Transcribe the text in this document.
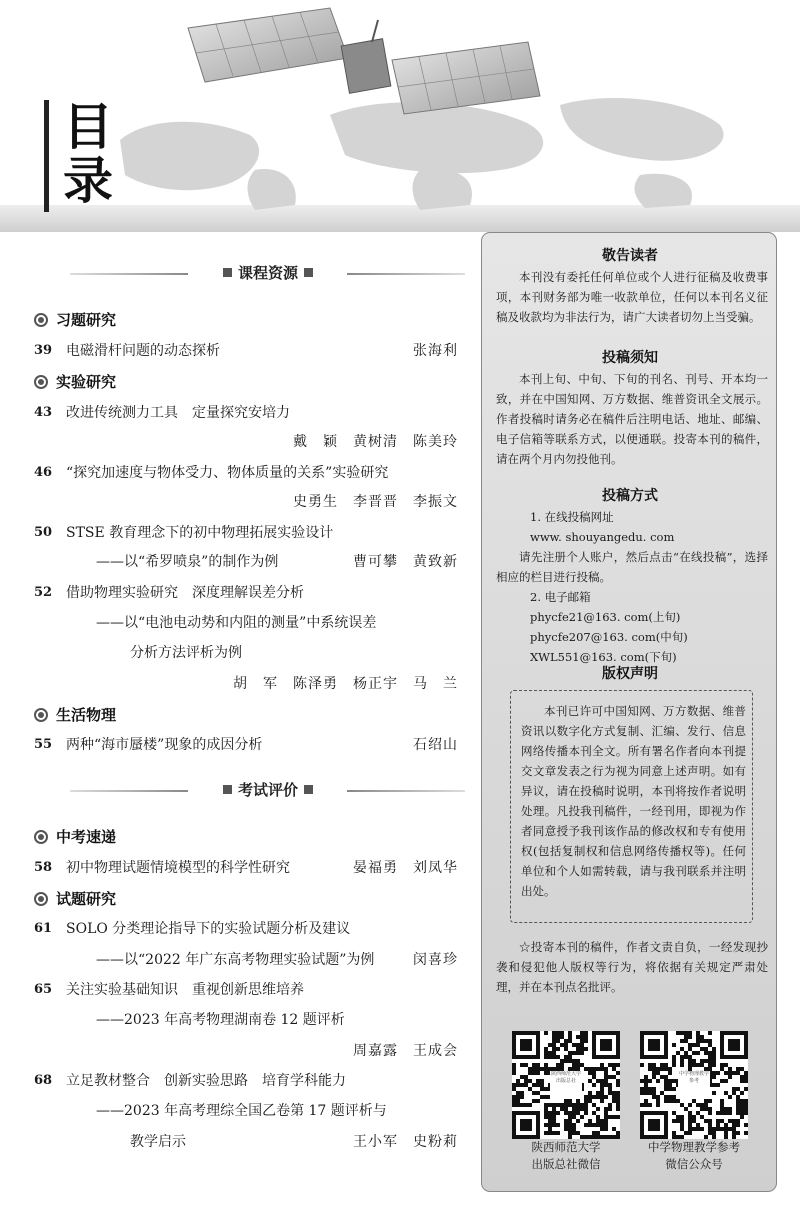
目
录
课程资源
习题研究
39 电磁滑杆问题的动态探析	张海利
实验研究
43 改进传统测力工具　定量探究安培力
戴　颖　黄树清　陈美玲
46 “探究加速度与物体受力、物体质量的关系”实验研究
史勇生　李晋晋　李振文
50 STSE 教育理念下的初中物理拓展实验设计
——以“希罗喷泉”的制作为例	曹可攀　黄致新
52 借助物理实验研究　深度理解误差分析
——以“电池电动势和内阻的测量”中系统误差
分析方法评析为例
胡　军　陈泽勇　杨正宇　马　兰
生活物理
55 两种“海市蜃楼”现象的成因分析	石绍山
考试评价
中考速递
58 初中物理试题情境模型的科学性研究	晏福勇　刘凤华
试题研究
61 SOLO 分类理论指导下的实验试题分析及建议
——以“2022 年广东高考物理实验试题”为例	闵喜珍
65 关注实验基础知识　重视创新思维培养
——2023 年高考物理湖南卷 12 题评析
周嘉露　王成会
68 立足教材整合　创新实验思路　培育学科能力
——2023 年高考理综全国乙卷第 17 题评析与
教学启示	王小军　史粉莉
敬告读者
本刊没有委托任何单位或个人进行征稿及收费事项，本刊财务部为唯一收款单位，任何以本刊名义征稿及收款均为非法行为，请广大读者切勿上当受骗。
投稿须知
本刊上旬、中旬、下旬的刊名、刊号、开本均一致，并在中国知网、万方数据、维普资讯全文展示。作者投稿时请务必在稿件后注明电话、地址、邮编、电子信箱等联系方式，以便通联。投寄本刊的稿件，请在两个月内勿投他刊。
投稿方式
1. 在线投稿网址
www. shouyangedu. com
请先注册个人账户，然后点击“在线投稿”，选择相应的栏目进行投稿。
2. 电子邮箱
phycfe21@163. com(上旬)
phycfe207@163. com(中旬)
XWL551@163. com(下旬)
版权声明
本刊已许可中国知网、万方数据、维普资讯以数字化方式复制、汇编、发行、信息网络传播本刊全文。所有署名作者向本刊提交文章发表之行为视为同意上述声明。如有异议，请在投稿时说明，本刊将按作者说明处理。凡投我刊稿件，一经刊用，即视为作者同意授予我刊该作品的修改权和专有使用权(包括复制权和信息网络传播权等)。任何单位和个人如需转载，请与我刊联系并注明出处。
☆投寄本刊的稿件，作者文责自负，一经发现抄袭和侵犯他人版权等行为，将依据有关规定严肃处理，并在本刊点名批评。
陕西师范大学出版总社
陕西师范大学
出版总社微信
中学物理教学参考
中学物理教学参考
微信公众号
